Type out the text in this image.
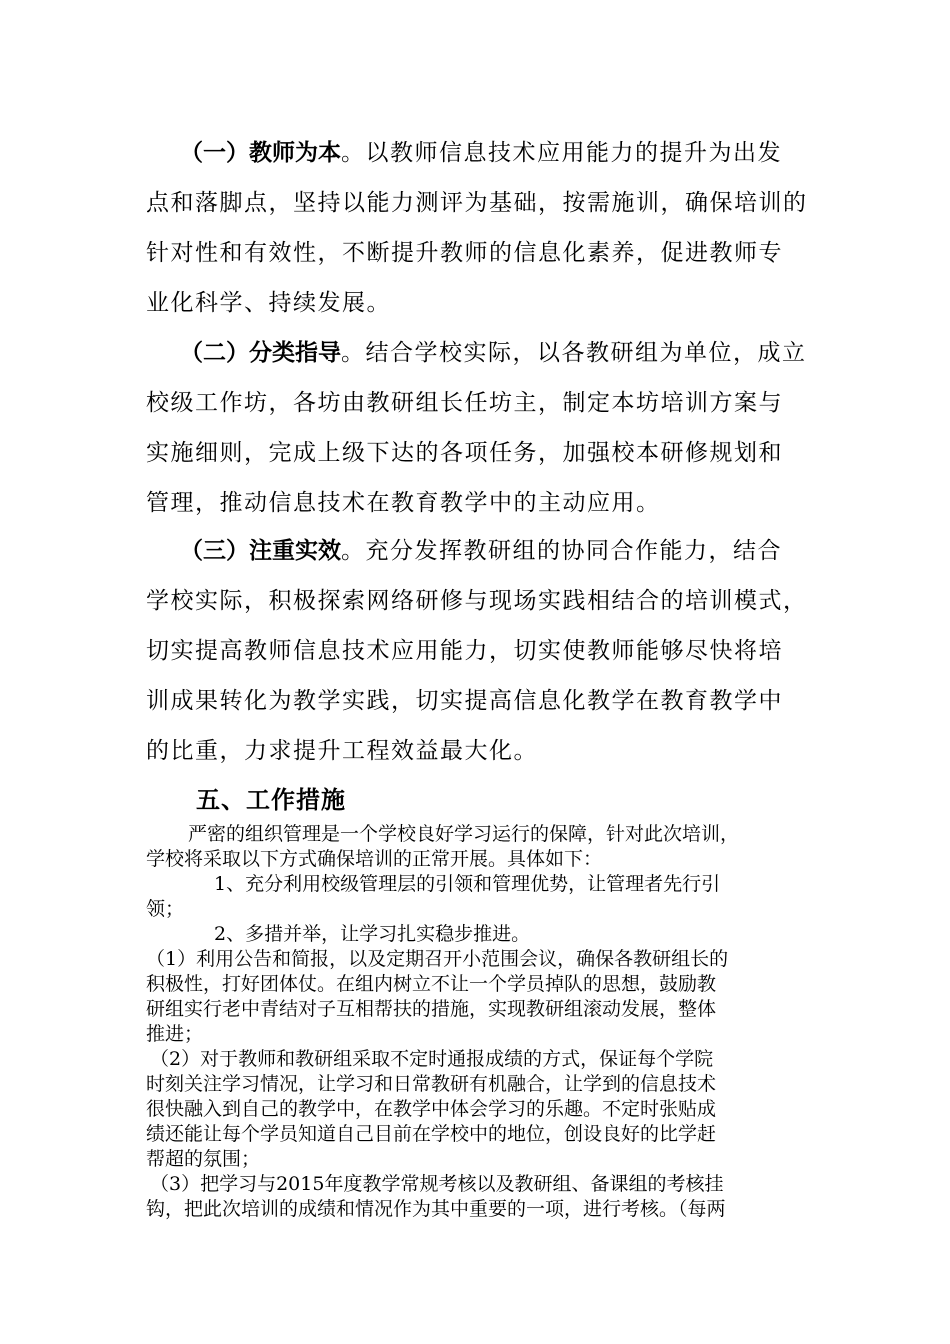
（一）教师为本。以教师信息技术应用能力的提升为出发
点和落脚点，坚持以能力测评为基础，按需施训，确保培训的
针对性和有效性，不断提升教师的信息化素养，促进教师专
业化科学、持续发展。
（二）分类指导。结合学校实际，以各教研组为单位，成立
校级工作坊，各坊由教研组长任坊主，制定本坊培训方案与
实施细则，完成上级下达的各项任务，加强校本研修规划和
管理，推动信息技术在教育教学中的主动应用。
（三）注重实效。充分发挥教研组的协同合作能力，结合
学校实际，积极探索网络研修与现场实践相结合的培训模式，
切实提高教师信息技术应用能力，切实使教师能够尽快将培
训成果转化为教学实践，切实提高信息化教学在教育教学中
的比重，力求提升工程效益最大化。
五、工作措施
严密的组织管理是一个学校良好学习运行的保障，针对此次培训，
学校将采取以下方式确保培训的正常开展。具体如下：
1、充分利用校级管理层的引领和管理优势，让管理者先行引
领；
2、多措并举，让学习扎实稳步推进。
（1）利用公告和简报，以及定期召开小范围会议，确保各教研组长的
积极性，打好团体仗。在组内树立不让一个学员掉队的思想，鼓励教
研组实行老中青结对子互相帮扶的措施，实现教研组滚动发展，整体
推进；
（2）对于教师和教研组采取不定时通报成绩的方式，保证每个学院
时刻关注学习情况，让学习和日常教研有机融合，让学到的信息技术
很快融入到自己的教学中，在教学中体会学习的乐趣。不定时张贴成
绩还能让每个学员知道自己目前在学校中的地位，创设良好的比学赶
帮超的氛围；
（3）把学习与2015年度教学常规考核以及教研组、备课组的考核挂
钩，把此次培训的成绩和情况作为其中重要的一项，进行考核。（每两
